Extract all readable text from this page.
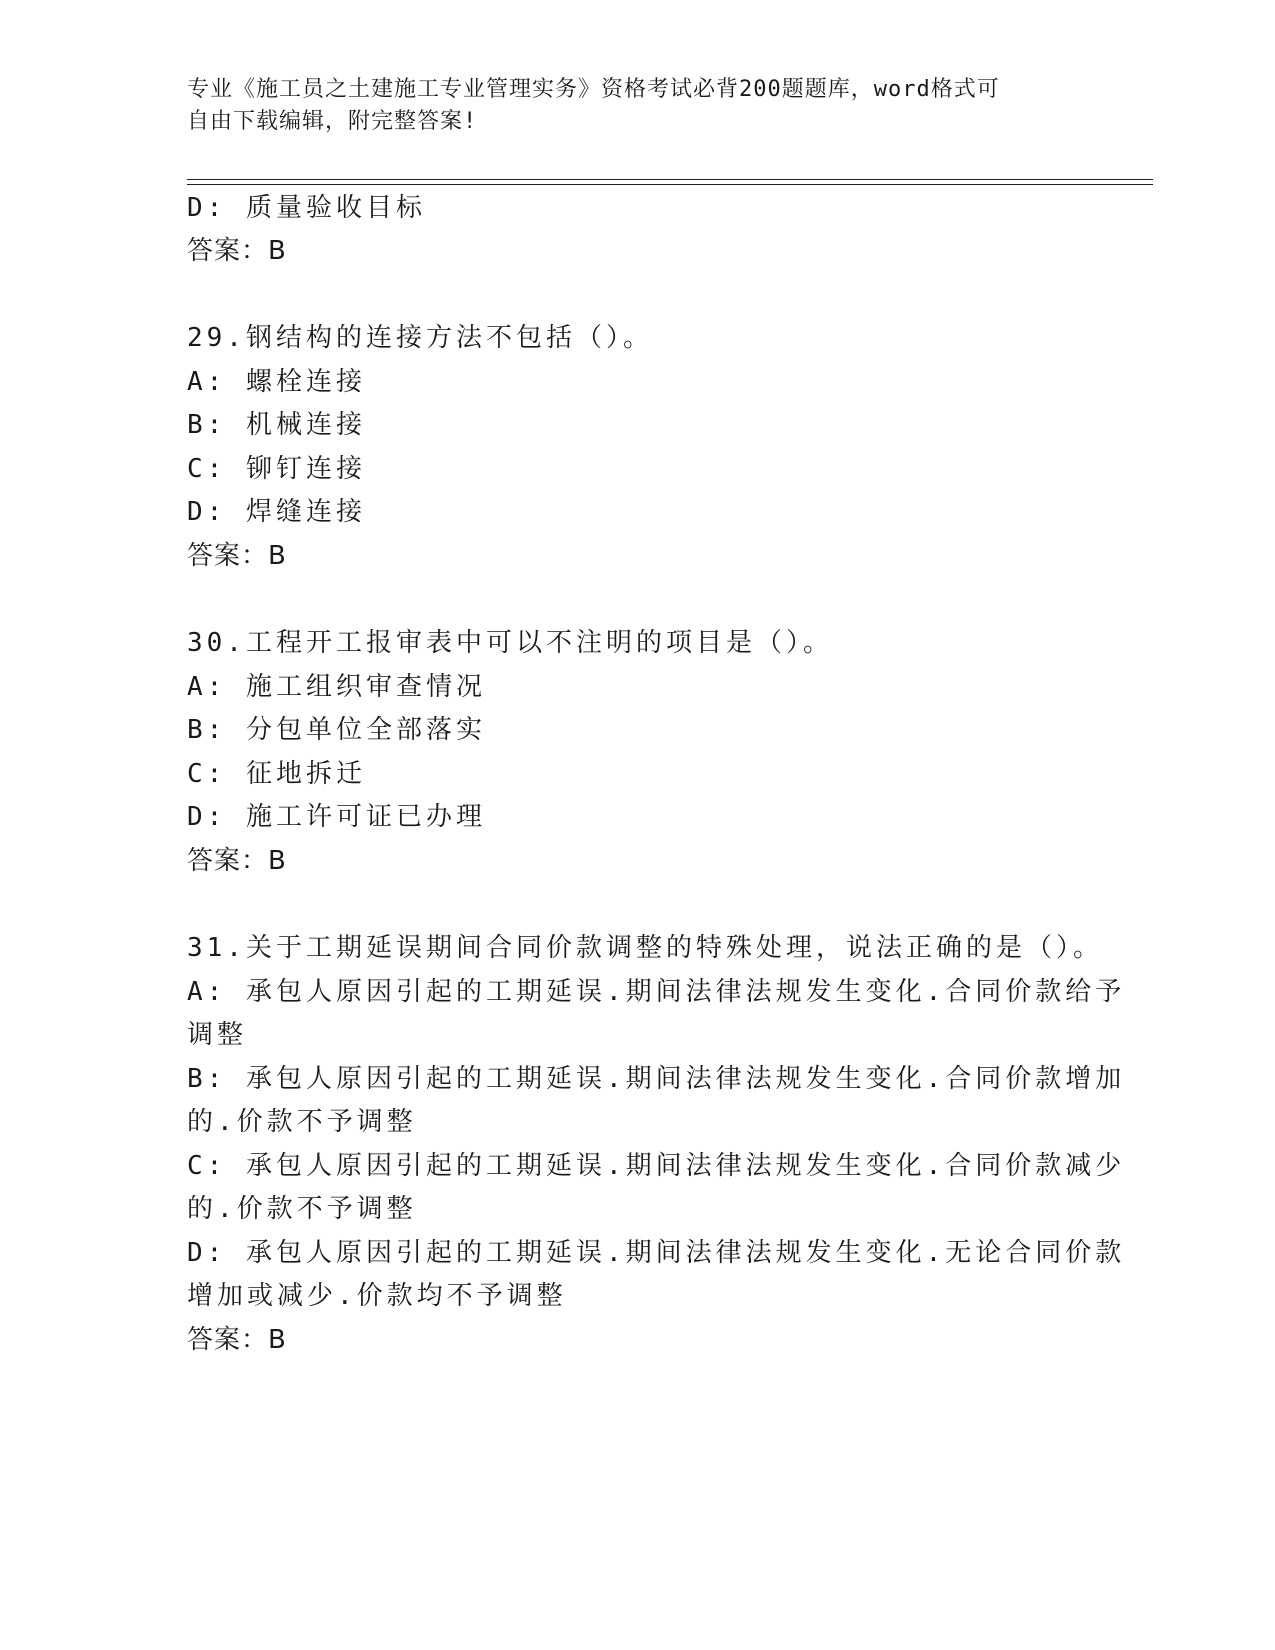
专业《施工员之土建施工专业管理实务》资格考试必背200题题库，word格式可
自由下载编辑，附完整答案!
D: 质量验收目标
答案：B
29.钢结构的连接方法不包括（）。
A: 螺栓连接
B: 机械连接
C: 铆钉连接
D: 焊缝连接
答案：B
30.工程开工报审表中可以不注明的项目是（）。
A: 施工组织审查情况
B: 分包单位全部落实
C: 征地拆迁
D: 施工许可证已办理
答案：B
31.关于工期延误期间合同价款调整的特殊处理，说法正确的是（）。
A: 承包人原因引起的工期延误.期间法律法规发生变化.合同价款给予
调整
B: 承包人原因引起的工期延误.期间法律法规发生变化.合同价款增加
的.价款不予调整
C: 承包人原因引起的工期延误.期间法律法规发生变化.合同价款减少
的.价款不予调整
D: 承包人原因引起的工期延误.期间法律法规发生变化.无论合同价款
增加或减少.价款均不予调整
答案：B
